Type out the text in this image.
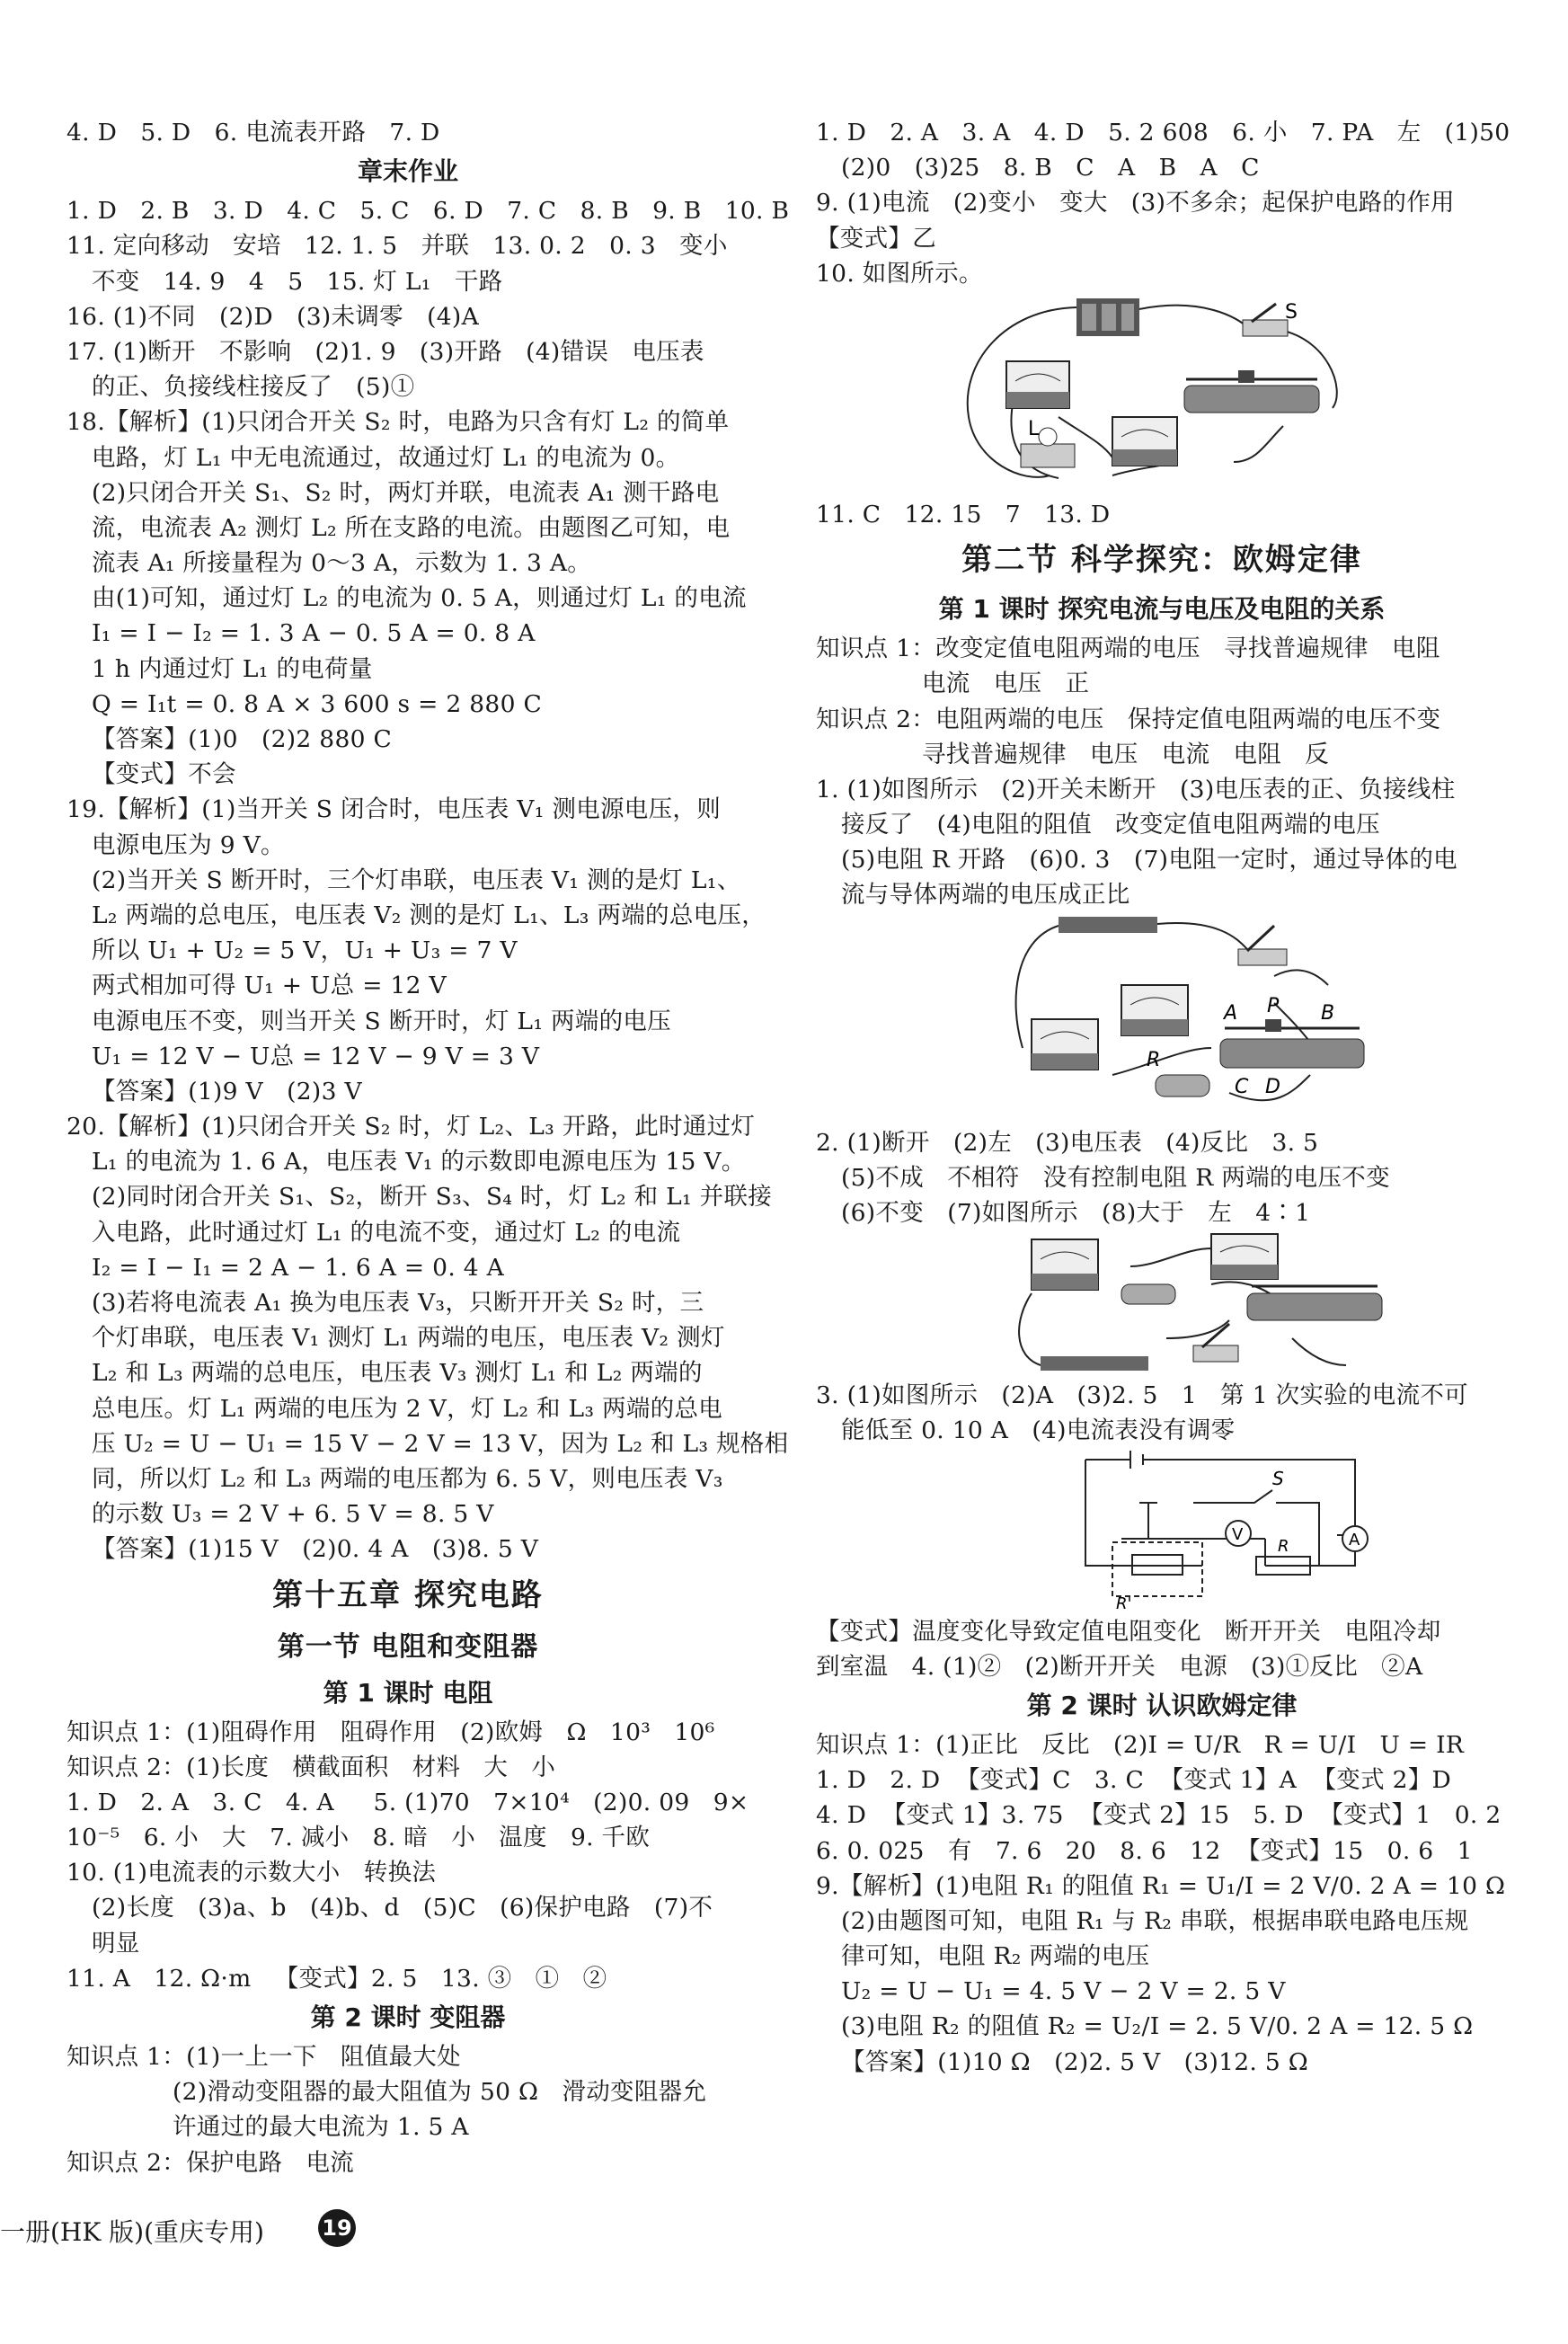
4. D   5. D   6. 电流表开路   7. D
章末作业
1. D   2. B   3. D   4. C   5. C   6. D   7. C   8. B   9. B   10. B
11. 定向移动   安培   12. 1. 5   并联   13. 0. 2   0. 3   变小
不变   14. 9   4   5   15. 灯 L₁   干路
16. (1)不同   (2)D   (3)未调零   (4)A
17. (1)断开   不影响   (2)1. 9   (3)开路   (4)错误   电压表
的正、负接线柱接反了   (5)①
18.【解析】(1)只闭合开关 S₂ 时，电路为只含有灯 L₂ 的简单
电路，灯 L₁ 中无电流通过，故通过灯 L₁ 的电流为 0。
(2)只闭合开关 S₁、S₂ 时，两灯并联，电流表 A₁ 测干路电
流，电流表 A₂ 测灯 L₂ 所在支路的电流。由题图乙可知，电
流表 A₁ 所接量程为 0～3 A，示数为 1. 3 A。
由(1)可知，通过灯 L₂ 的电流为 0. 5 A，则通过灯 L₁ 的电流
I₁ = I − I₂ = 1. 3 A − 0. 5 A = 0. 8 A
1 h 内通过灯 L₁ 的电荷量
Q = I₁t = 0. 8 A × 3 600 s = 2 880 C
【答案】(1)0   (2)2 880 C
【变式】不会
19.【解析】(1)当开关 S 闭合时，电压表 V₁ 测电源电压，则
电源电压为 9 V。
(2)当开关 S 断开时，三个灯串联，电压表 V₁ 测的是灯 L₁、
L₂ 两端的总电压，电压表 V₂ 测的是灯 L₁、L₃ 两端的总电压，
所以 U₁ + U₂ = 5 V，U₁ + U₃ = 7 V
两式相加可得 U₁ + U总 = 12 V
电源电压不变，则当开关 S 断开时，灯 L₁ 两端的电压
U₁ = 12 V − U总 = 12 V − 9 V = 3 V
【答案】(1)9 V   (2)3 V
20.【解析】(1)只闭合开关 S₂ 时，灯 L₂、L₃ 开路，此时通过灯
L₁ 的电流为 1. 6 A，电压表 V₁ 的示数即电源电压为 15 V。
(2)同时闭合开关 S₁、S₂，断开 S₃、S₄ 时，灯 L₂ 和 L₁ 并联接
入电路，此时通过灯 L₁ 的电流不变，通过灯 L₂ 的电流
I₂ = I − I₁ = 2 A − 1. 6 A = 0. 4 A
(3)若将电流表 A₁ 换为电压表 V₃，只断开开关 S₂ 时，三
个灯串联，电压表 V₁ 测灯 L₁ 两端的电压，电压表 V₂ 测灯
L₂ 和 L₃ 两端的总电压，电压表 V₃ 测灯 L₁ 和 L₂ 两端的
总电压。灯 L₁ 两端的电压为 2 V，灯 L₂ 和 L₃ 两端的总电
压 U₂ = U − U₁ = 15 V − 2 V = 13 V，因为 L₂ 和 L₃ 规格相
同，所以灯 L₂ 和 L₃ 两端的电压都为 6. 5 V，则电压表 V₃
的示数 U₃ = 2 V + 6. 5 V = 8. 5 V
【答案】(1)15 V   (2)0. 4 A   (3)8. 5 V
第十五章 探究电路
第一节 电阻和变阻器
第 1 课时 电阻
知识点 1：(1)阻碍作用   阻碍作用   (2)欧姆   Ω   10³   10⁶
知识点 2：(1)长度   横截面积   材料   大   小
1. D   2. A   3. C   4. A     5. (1)70   7×10⁴   (2)0. 09   9×
10⁻⁵   6. 小   大   7. 减小   8. 暗   小   温度   9. 千欧
10. (1)电流表的示数大小   转换法
(2)长度   (3)a、b   (4)b、d   (5)C   (6)保护电路   (7)不
明显
11. A   12. Ω·m   【变式】2. 5   13. ③   ①   ②
第 2 课时 变阻器
知识点 1：(1)一上一下   阻值最大处
(2)滑动变阻器的最大阻值为 50 Ω   滑动变阻器允
许通过的最大电流为 1. 5 A
知识点 2：保护电路   电流
1. D   2. A   3. A   4. D   5. 2 608   6. 小   7. PA   左   (1)50
(2)0   (3)25   8. B   C   A   B   A   C
9. (1)电流   (2)变小   变大   (3)不多余；起保护电路的作用
【变式】乙
10. 如图所示。
S
L
11. C   12. 15   7   13. D
第二节 科学探究：欧姆定律
第 1 课时 探究电流与电压及电阻的关系
知识点 1：改变定值电阻两端的电压   寻找普遍规律   电阻
电流   电压   正
知识点 2：电阻两端的电压   保持定值电阻两端的电压不变
寻找普遍规律   电压   电流   电阻   反
1. (1)如图所示   (2)开关未断开   (3)电压表的正、负接线柱
接反了   (4)电阻的阻值   改变定值电阻两端的电压
(5)电阻 R 开路   (6)0. 3   (7)电阻一定时，通过导体的电
流与导体两端的电压成正比
R
A P B
C D
2. (1)断开   (2)左   (3)电压表   (4)反比   3. 5
(5)不成   不相符   没有控制电阻 R 两端的电压不变
(6)不变   (7)如图所示   (8)大于   左   4∶1
3. (1)如图所示   (2)A   (3)2. 5   1   第 1 次实验的电流不可
能低至 0. 10 A   (4)电流表没有调零
S
V	A
R
R'
【变式】温度变化导致定值电阻变化   断开开关   电阻冷却
到室温   4. (1)②   (2)断开开关   电源   (3)①反比   ②A
第 2 课时 认识欧姆定律
知识点 1：(1)正比   反比   (2)I = U/R   R = U/I   U = IR
1. D   2. D  【变式】C   3. C  【变式 1】A  【变式 2】D
4. D  【变式 1】3. 75  【变式 2】15   5. D  【变式】1   0. 2
6. 0. 025   有   7. 6   20   8. 6   12  【变式】15   0. 6   1
9.【解析】(1)电阻 R₁ 的阻值 R₁ = U₁/I = 2 V/0. 2 A = 10 Ω
(2)由题图可知，电阻 R₁ 与 R₂ 串联，根据串联电路电压规
律可知，电阻 R₂ 两端的电压
U₂ = U − U₁ = 4. 5 V − 2 V = 2. 5 V
(3)电阻 R₂ 的阻值 R₂ = U₂/I = 2. 5 V/0. 2 A = 12. 5 Ω
【答案】(1)10 Ω   (2)2. 5 V   (3)12. 5 Ω
一册(HK 版)(重庆专用)	19
